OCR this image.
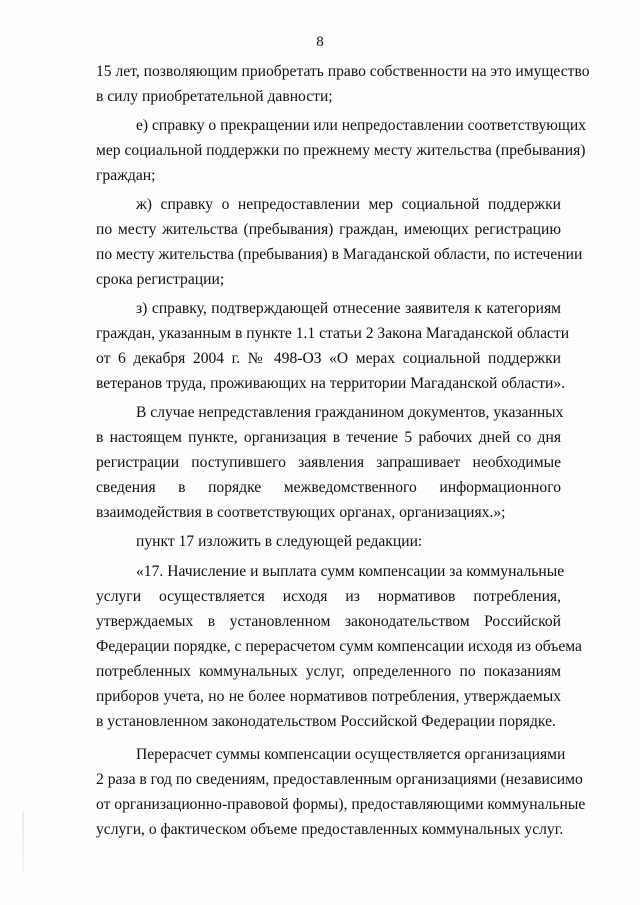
8
15 лет, позволяющим приобретать право собственности на это имущество
в силу приобретательной давности;
е) справку о прекращении или непредоставлении соответствующих
мер социальной поддержки по прежнему месту жительства (пребывания)
граждан;
ж) справку о непредоставлении мер социальной поддержки
по месту жительства (пребывания) граждан, имеющих регистрацию
по месту жительства (пребывания) в Магаданской области, по истечении
срока регистрации;
з) справку, подтверждающей отнесение заявителя к категориям
граждан, указанным в пункте 1.1 статьи 2 Закона Магаданской области
от 6 декабря 2004 г. № 498-ОЗ «О мерах социальной поддержки
ветеранов труда, проживающих на территории Магаданской области».
В случае непредставления гражданином документов, указанных
в настоящем пункте, организация в течение 5 рабочих дней со дня
регистрации поступившего заявления запрашивает необходимые
сведения в порядке межведомственного информационного
взаимодействия в соответствующих органах, организациях.»;
пункт 17 изложить в следующей редакции:
«17. Начисление и выплата сумм компенсации за коммунальные
услуги осуществляется исходя из нормативов потребления,
утверждаемых в установленном законодательством Российской
Федерации порядке, с перерасчетом сумм компенсации исходя из объема
потребленных коммунальных услуг, определенного по показаниям
приборов учета, но не более нормативов потребления, утверждаемых
в установленном законодательством Российской Федерации порядке.
Перерасчет суммы компенсации осуществляется организациями
2 раза в год по сведениям, предоставленным организациями (независимо
от организационно-правовой формы), предоставляющими коммунальные
услуги, о фактическом объеме предоставленных коммунальных услуг.
